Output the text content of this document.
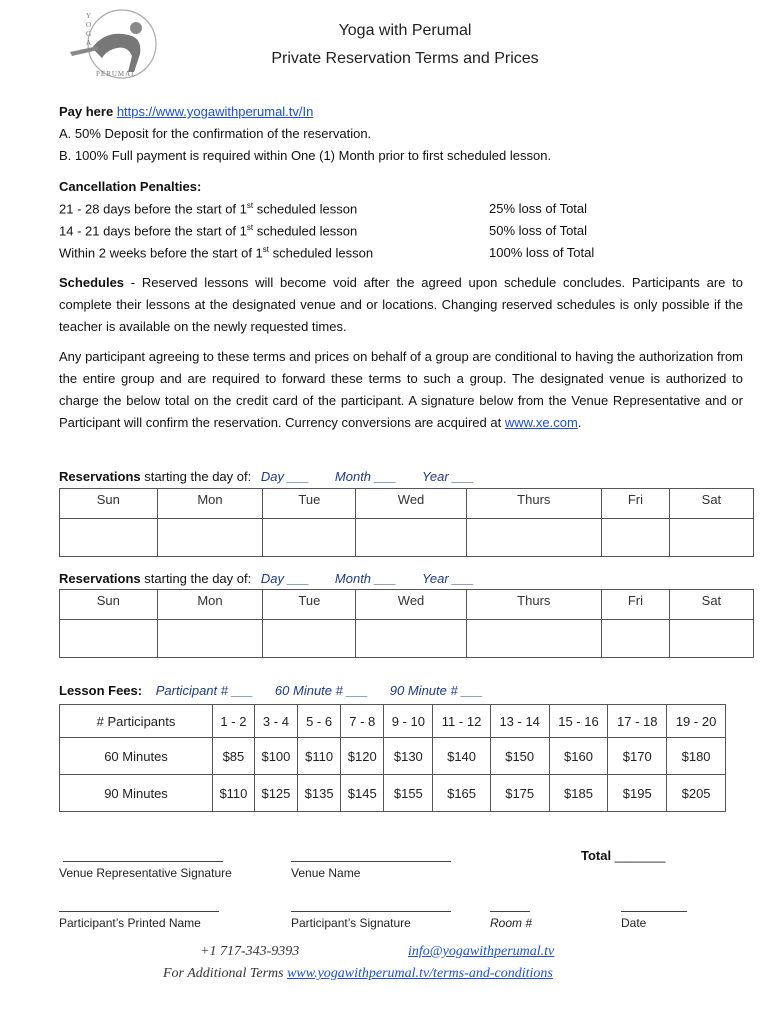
YOGA
PERUMAL
Yoga with Perumal
Private Reservation Terms and Prices
Pay here https://www.yogawithperumal.tv/In
A. 50% Deposit for the confirmation of the reservation.
B. 100% Full payment is required within One (1) Month prior to first scheduled lesson.
Cancellation Penalties:
21 - 28 days before the start of 1st scheduled lesson	25% loss of Total
14 - 21 days before the start of 1st scheduled lesson	50% loss of Total
Within 2 weeks before the start of 1st scheduled lesson	100% loss of Total
Schedules - Reserved lessons will become void after the agreed upon schedule concludes. Participants are to complete their lessons at the designated venue and or locations. Changing reserved schedules is only possible if the teacher is available on the newly requested times.
Any participant agreeing to these terms and prices on behalf of a group are conditional to having the authorization from the entire group and are required to forward these terms to such a group. The designated venue is authorized to charge the below total on the credit card of the participant. A signature below from the Venue Representative and or Participant will confirm the reservation. Currency conversions are acquired at www.xe.com.
Reservations starting the day of: Day ___ Month ___ Year ___
Sun	Mon	Tue	Wed	Thurs	Fri	Sat

Reservations starting the day of: Day ___ Month ___ Year ___
Sun	Mon	Tue	Wed	Thurs	Fri	Sat

Lesson Fees: Participant # ___ 60 Minute # ___ 90 Minute # ___
# Participants	1 - 2	3 - 4	5 - 6	7 - 8	9 - 10	11 - 12	13 - 14	15 - 16	17 - 18	19 - 20
60 Minutes	$85	$100	$110	$120	$130	$140	$150	$160	$170	$180
90 Minutes	$110	$125	$135	$145	$155	$165	$175	$185	$195	$205
Total _______
Venue Representative Signature	Venue Name
Participant’s Printed Name	Participant’s Signature	Room #	Date
+1 717-343-9393	info@yogawithperumal.tv
For Additional Terms www.yogawithperumal.tv/terms-and-conditions
